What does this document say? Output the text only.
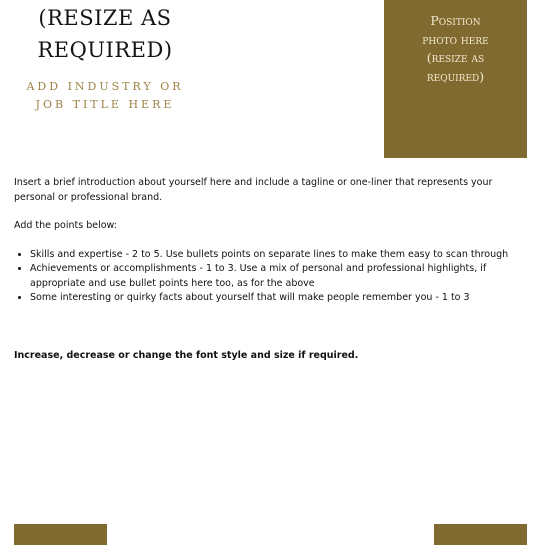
(RESIZE AS
REQUIRED)
ADD INDUSTRY OR
JOB TITLE HERE
Position
photo here
(resize as
required)

Insert a brief introduction about yourself here and include a tagline or one-liner that represents your personal or professional brand.

Add the points below:

• Skills and expertise - 2 to 5. Use bullets points on separate lines to make them easy to scan through
• Achievements or accomplishments - 1 to 3. Use a mix of personal and professional highlights, if appropriate and use bullet points here too, as for the above
• Some interesting or quirky facts about yourself that will make people remember you - 1 to 3
Increase, decrease or change the font style and size if required.
